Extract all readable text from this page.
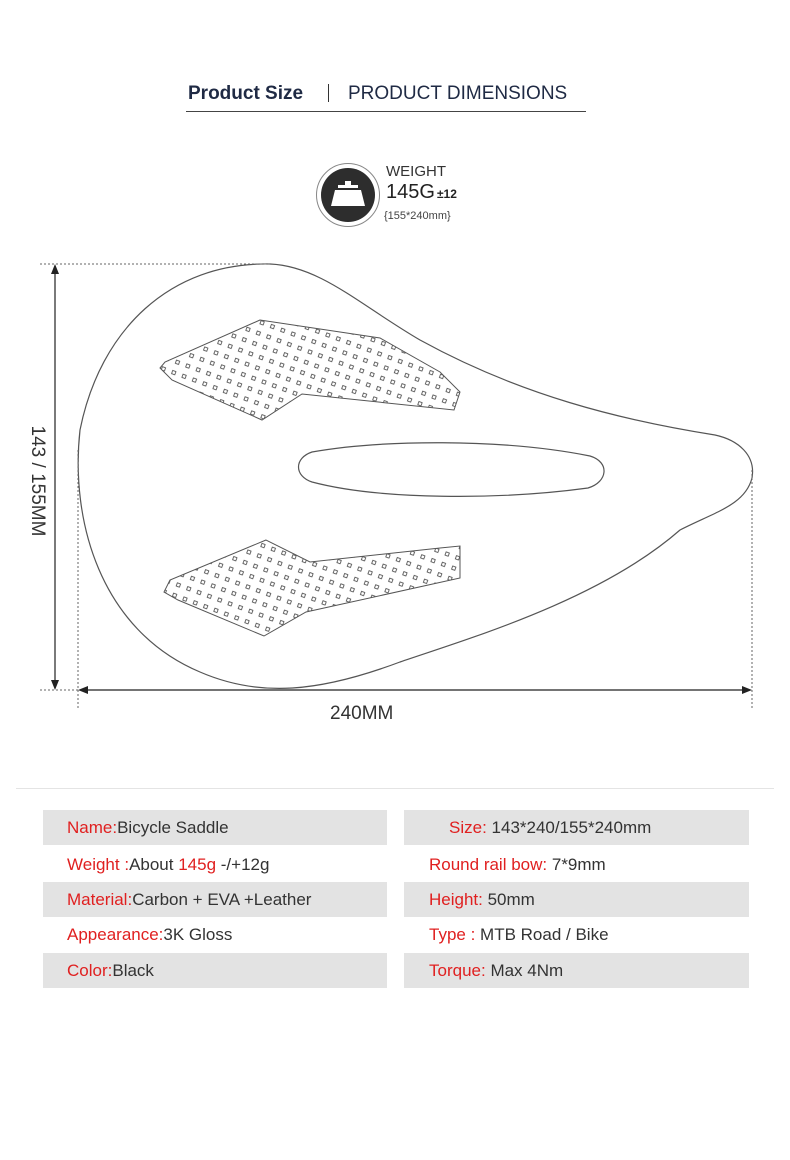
Product Size PRODUCT DIMENSIONS
WEIGHT
145G ±12
{155*240mm}
143 / 155MM
240MM
Name:Bicycle Saddle
Weight :About 145g -/+12g
Material:Carbon + EVA +Leather
Appearance:3K Gloss
Color:Black
Size: 143*240/155*240mm
Round rail bow: 7*9mm
Height: 50mm
Type : MTB Road / Bike
Torque: Max 4Nm
